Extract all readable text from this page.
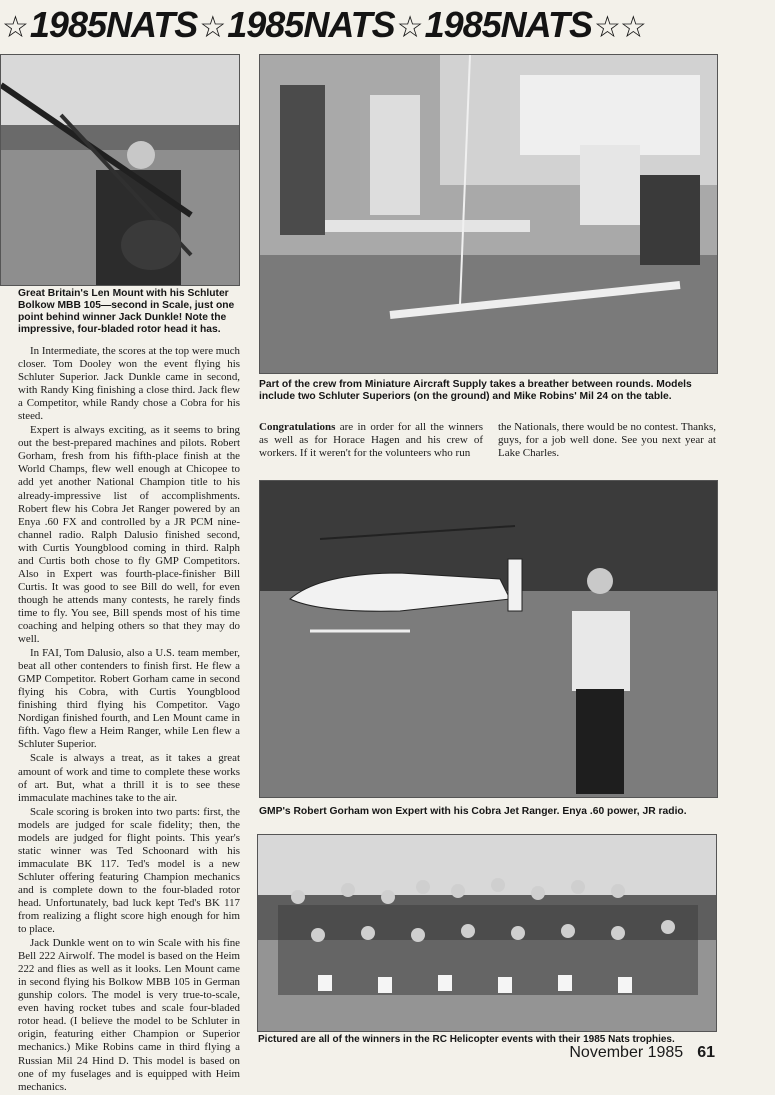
☆1985NATS☆1985NATS☆1985NATS☆☆
Great Britain's Len Mount with his Schluter Bolkow MBB 105—second in Scale, just one point behind winner Jack Dunkle! Note the impressive, four-bladed rotor head it has.
Part of the crew from Miniature Aircraft Supply takes a breather between rounds. Models include two Schluter Superiors (on the ground) and Mike Robins' Mil 24 on the table.
GMP's Robert Gorham won Expert with his Cobra Jet Ranger. Enya .60 power, JR radio.
Pictured are all of the winners in the RC Helicopter events with their 1985 Nats trophies.

In Intermediate, the scores at the top were much closer. Tom Dooley won the event flying his Schluter Superior. Jack Dunkle came in second, with Randy King finishing a close third. Jack flew a Competitor, while Randy chose a Cobra for his steed.

Expert is always exciting, as it seems to bring out the best-prepared machines and pilots. Robert Gorham, fresh from his fifth-place finish at the World Champs, flew well enough at Chicopee to add yet another National Champion title to his already-impressive list of accomplishments. Robert flew his Cobra Jet Ranger powered by an Enya .60 FX and controlled by a JR PCM nine-channel radio. Ralph Dalusio finished second, with Curtis Youngblood coming in third. Ralph and Curtis both chose to fly GMP Competitors. Also in Expert was fourth-place-finisher Bill Curtis. It was good to see Bill do well, for even though he attends many contests, he rarely finds time to fly. You see, Bill spends most of his time coaching and helping others so that they may do well.

In FAI, Tom Dalusio, also a U.S. team member, beat all other contenders to finish first. He flew a GMP Competitor. Robert Gorham came in second flying his Cobra, with Curtis Youngblood finishing third flying his Competitor. Vago Nordigan finished fourth, and Len Mount came in fifth. Vago flew a Heim Ranger, while Len flew a Schluter Superior.

Scale is always a treat, as it takes a great amount of work and time to complete these works of art. But, what a thrill it is to see these immaculate machines take to the air.

Scale scoring is broken into two parts: first, the models are judged for scale fidelity; then, the models are judged for flight points. This year's static winner was Ted Schoonard with his immaculate BK 117. Ted's model is a new Schluter offering featuring Champion mechanics and is complete down to the four-bladed rotor head. Unfortunately, bad luck kept Ted's BK 117 from realizing a flight score high enough for him to place.

Jack Dunkle went on to win Scale with his fine Bell 222 Airwolf. The model is based on the Heim 222 and flies as well as it looks. Len Mount came in second flying his Bolkow MBB 105 in German gunship colors. The model is very true-to-scale, even having rocket tubes and scale four-bladed rotor head. (I believe the model to be Schluter in origin, featuring either Champion or Superior mechanics.) Mike Robins came in third flying a Russian Mil 24 Hind D. This model is based on one of my fuselages and is equipped with Heim mechanics.

Congratulations are in order for all the winners as well as for Horace Hagen and his crew of workers. If it weren't for the volunteers who run

the Nationals, there would be no contest. Thanks, guys, for a job well done. See you next year at Lake Charles.

November 1985 61
